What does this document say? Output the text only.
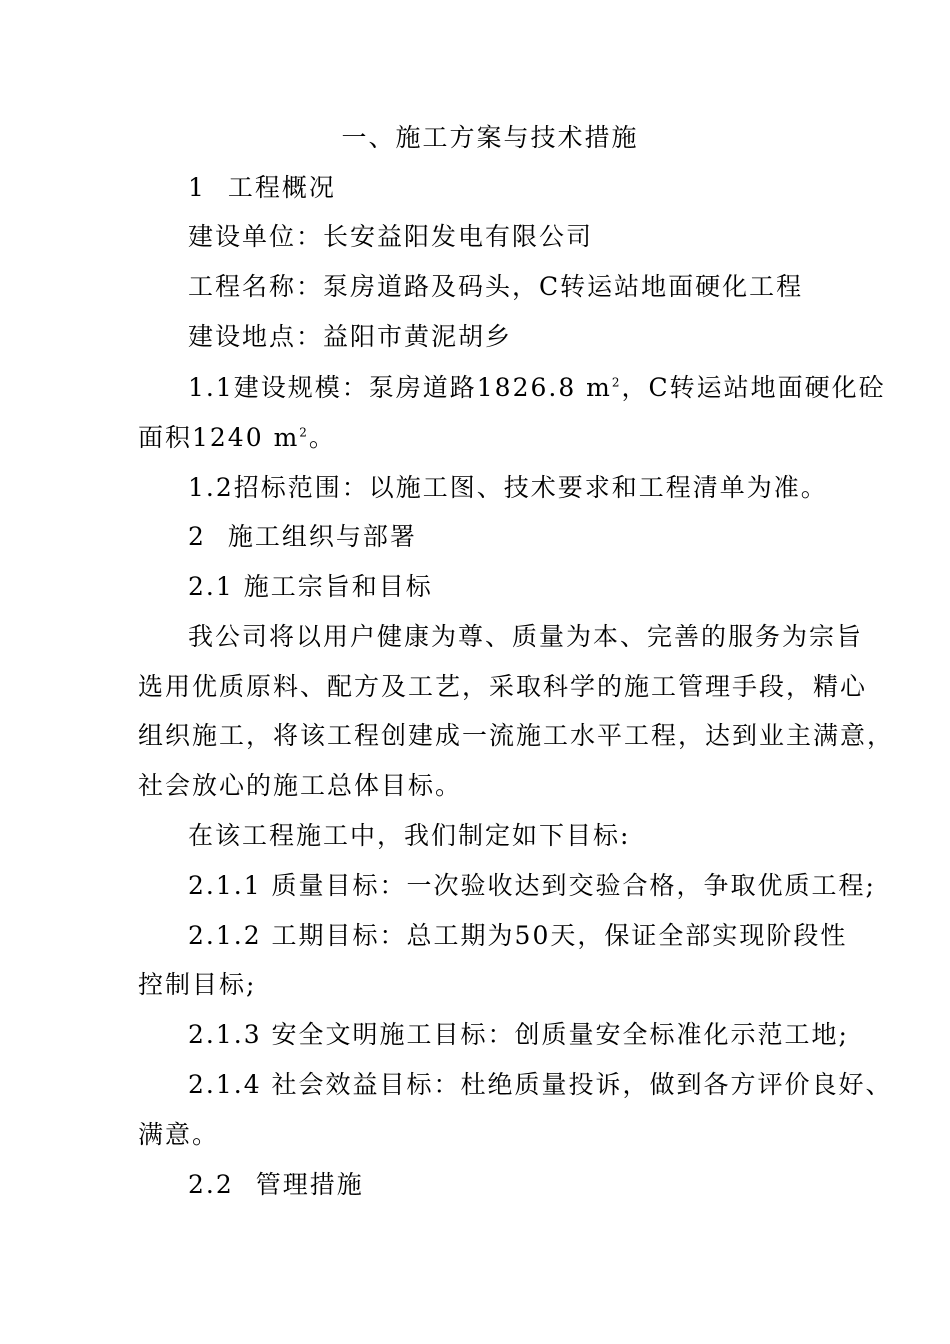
一、施工方案与技术措施
1 工程概况
建设单位：长安益阳发电有限公司
工程名称：泵房道路及码头，C转运站地面硬化工程
建设地点：益阳市黄泥胡乡
1.1建设规模：泵房道路1826.8 $m^2$，C转运站地面硬化砼
面积1240 $m^2$。
1.2招标范围：以施工图、技术要求和工程清单为准。
2 施工组织与部署
2.1 施工宗旨和目标
我公司将以用户健康为尊、质量为本、完善的服务为宗旨
选用优质原料、配方及工艺，采取科学的施工管理手段，精心
组织施工，将该工程创建成一流施工水平工程，达到业主满意，
社会放心的施工总体目标。
在该工程施工中，我们制定如下目标:
2.1.1 质量目标：一次验收达到交验合格，争取优质工程;
2.1.2 工期目标：总工期为50天，保证全部实现阶段性
控制目标;
2.1.3 安全文明施工目标：创质量安全标准化示范工地;
2.1.4 社会效益目标：杜绝质量投诉，做到各方评价良好、
满意。
2.2 管理措施
